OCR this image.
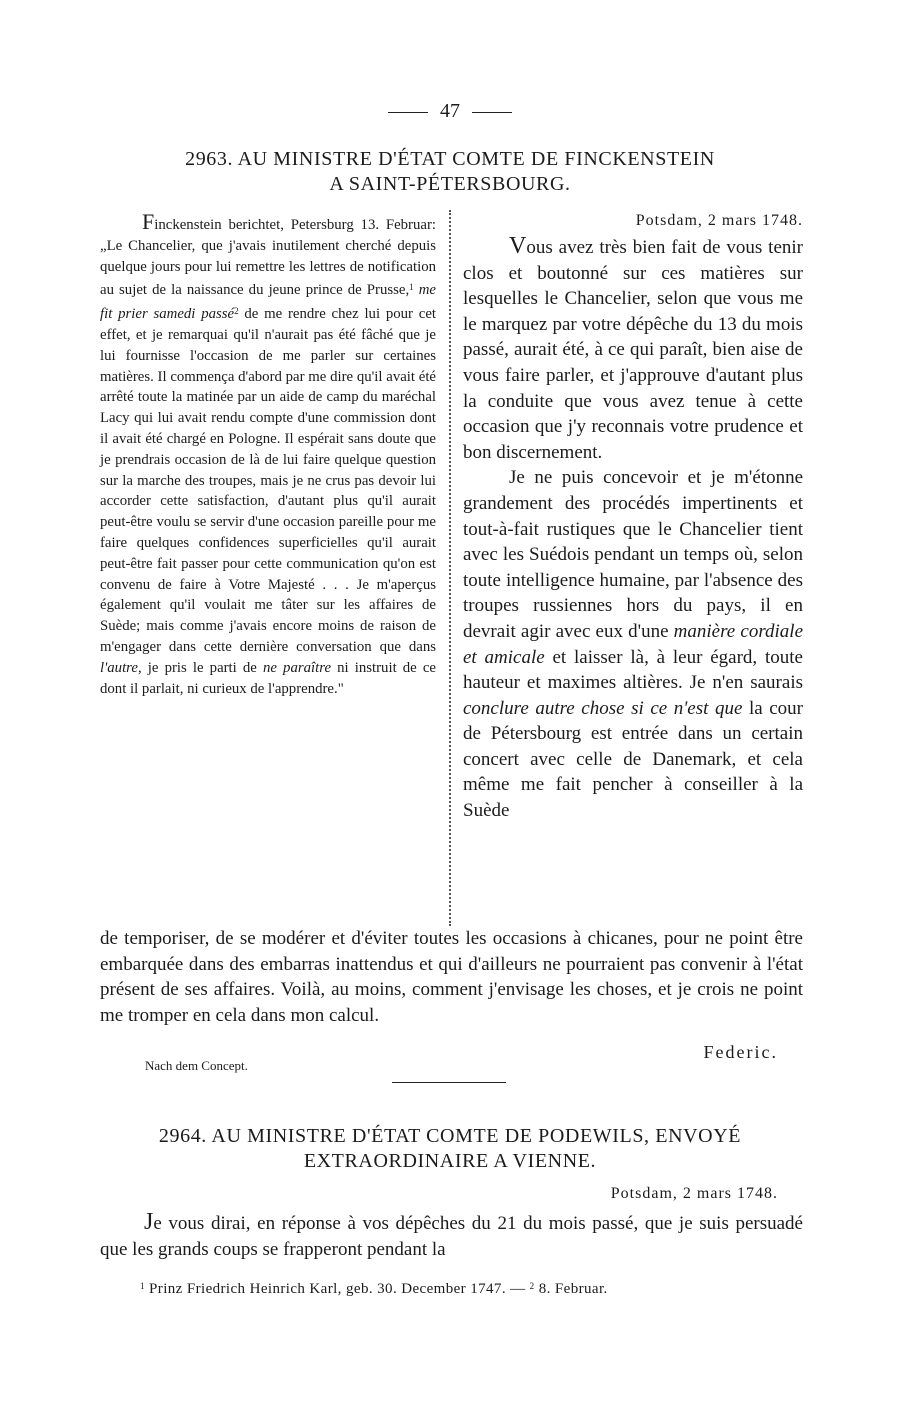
47
2963. AU MINISTRE D'ÉTAT COMTE DE FINCKENSTEIN
A SAINT-PÉTERSBOURG.

Finckenstein berichtet, Petersburg 13. Februar: „Le Chancelier, que j'avais inutilement cherché depuis quelque jours pour lui remettre les lettres de notification au sujet de la naissance du jeune prince de Prusse,$^1$ me fit prier samedi passé$^2$ de me rendre chez lui pour cet effet, et je remarquai qu'il n'aurait pas été fâché que je lui fournisse l'occasion de me parler sur certaines matières. Il commença d'abord par me dire qu'il avait été arrêté toute la matinée par un aide de camp du maréchal Lacy qui lui avait rendu compte d'une commission dont il avait été chargé en Pologne. Il espérait sans doute que je prendrais occasion de là de lui faire quelque question sur la marche des troupes, mais je ne crus pas devoir lui accorder cette satisfaction, d'autant plus qu'il aurait peut-être voulu se servir d'une occasion pareille pour me faire quelques confidences superficielles qu'il aurait peut-être fait passer pour cette communication qu'on est convenu de faire à Votre Majesté . . . Je m'aperçus également qu'il voulait me tâter sur les affaires de Suède; mais comme j'avais encore moins de raison de m'engager dans cette dernière conversation que dans l'autre, je pris le parti de ne paraître ni instruit de ce dont il parlait, ni curieux de l'apprendre."

Potsdam, 2 mars 1748.

Vous avez très bien fait de vous tenir clos et boutonné sur ces matières sur lesquelles le Chancelier, selon que vous me le marquez par votre dépêche du 13 du mois passé, aurait été, à ce qui paraît, bien aise de vous faire parler, et j'approuve d'autant plus la conduite que vous avez tenue à cette occasion que j'y reconnais votre prudence et bon discernement.

Je ne puis concevoir et je m'étonne grandement des procédés impertinents et tout-à-fait rustiques que le Chancelier tient avec les Suédois pendant un temps où, selon toute intelligence humaine, par l'absence des troupes russiennes hors du pays, il en devrait agir avec eux d'une manière cordiale et amicale et laisser là, à leur égard, toute hauteur et maximes altières. Je n'en saurais conclure autre chose si ce n'est que la cour de Pétersbourg est entrée dans un certain concert avec celle de Danemark, et cela même me fait pencher à conseiller à la Suède

de temporiser, de se modérer et d'éviter toutes les occasions à chicanes, pour ne point être embarquée dans des embarras inattendus et qui d'ailleurs ne pourraient pas convenir à l'état présent de ses affaires. Voilà, au moins, comment j'envisage les choses, et je crois ne point me tromper en cela dans mon calcul.

Federic.
Nach dem Concept.
2964. AU MINISTRE D'ÉTAT COMTE DE PODEWILS, ENVOYÉ
EXTRAORDINAIRE A VIENNE.
Potsdam, 2 mars 1748.

Je vous dirai, en réponse à vos dépêches du 21 du mois passé, que je suis persuadé que les grands coups se frapperont pendant la

$^1$ Prinz Friedrich Heinrich Karl, geb. 30. December 1747. — $^2$ 8. Februar.
